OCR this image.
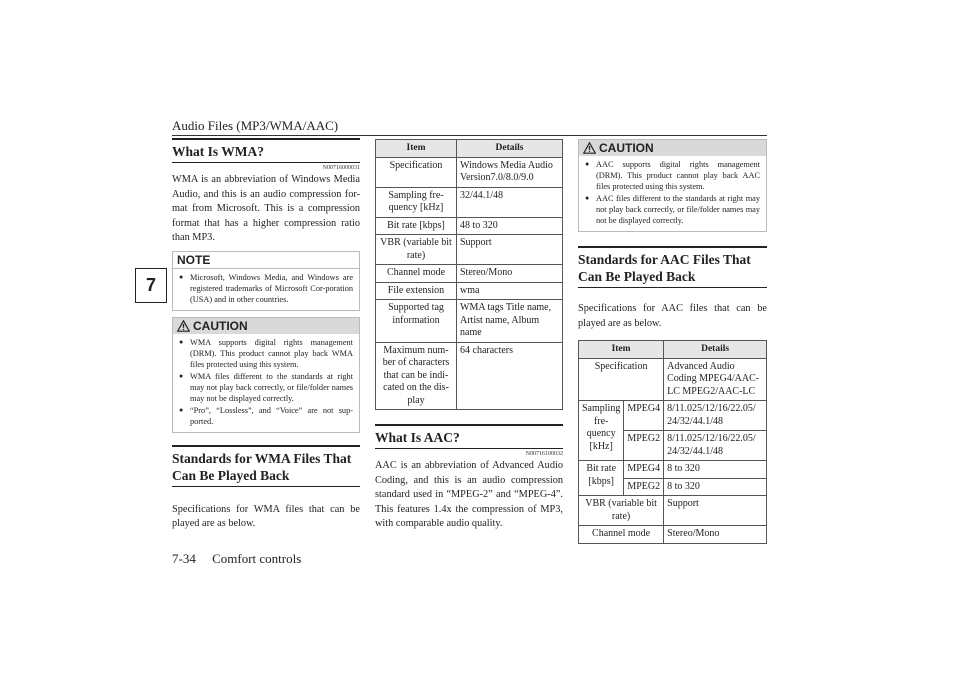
Audio Files (MP3/WMA/AAC)
7-34 Comfort controls
7
What Is WMA?
N00716000031
WMA is an abbreviation of Windows Media Audio, and this is an audio compression for-mat from Microsoft. This is a compression format that has a higher compression ratio than MP3.
NOTE
● Microsoft, Windows Media, and Windows are registered trademarks of Microsoft Cor-poration (USA) and in other countries.
CAUTION
● WMA supports digital rights management (DRM). This product cannot play back WMA files protected using this system.
● WMA files different to the standards at right may not play back correctly, or file/folder names may not be displayed correctly.
● “Pro”, “Lossless”, and “Voice” are not sup-ported.
Standards for WMA Files That Can Be Played Back
Specifications for WMA files that can be played are as below.
Item	Details
Specification	Windows Media Audio Version7.0/8.0/9.0
Sampling fre-quency [kHz]	32/44.1/48
Bit rate [kbps]	48 to 320
VBR (variable bit rate)	Support
Channel mode	Stereo/Mono
File extension	wma
Supported tag information	WMA tags Title name, Artist name, Album name
Maximum num-ber of characters that can be indi-cated on the dis-play	64 characters
What Is AAC?
N00716100032
AAC is an abbreviation of Advanced Audio Coding, and this is an audio compression standard used in “MPEG-2” and “MPEG-4”. This features 1.4x the compression of MP3, with comparable audio quality.
CAUTION
● AAC supports digital rights management (DRM). This product cannot play back AAC files protected using this system.
● AAC files different to the standards at right may not play back correctly, or file/folder names may not be displayed correctly.
Standards for AAC Files That Can Be Played Back
Specifications for AAC files that can be played are as below.
Item		Details
Specification		Advanced Audio Coding MPEG4/AAC-LC MPEG2/AAC-LC
Sampling fre-quency [kHz]	MPEG4	8/11.025/12/16/22.05/ 24/32/44.1/48
	MPEG2	8/11.025/12/16/22.05/ 24/32/44.1/48
Bit rate [kbps]	MPEG4	8 to 320
	MPEG2	8 to 320
VBR (variable bit rate)		Support
Channel mode		Stereo/Mono
